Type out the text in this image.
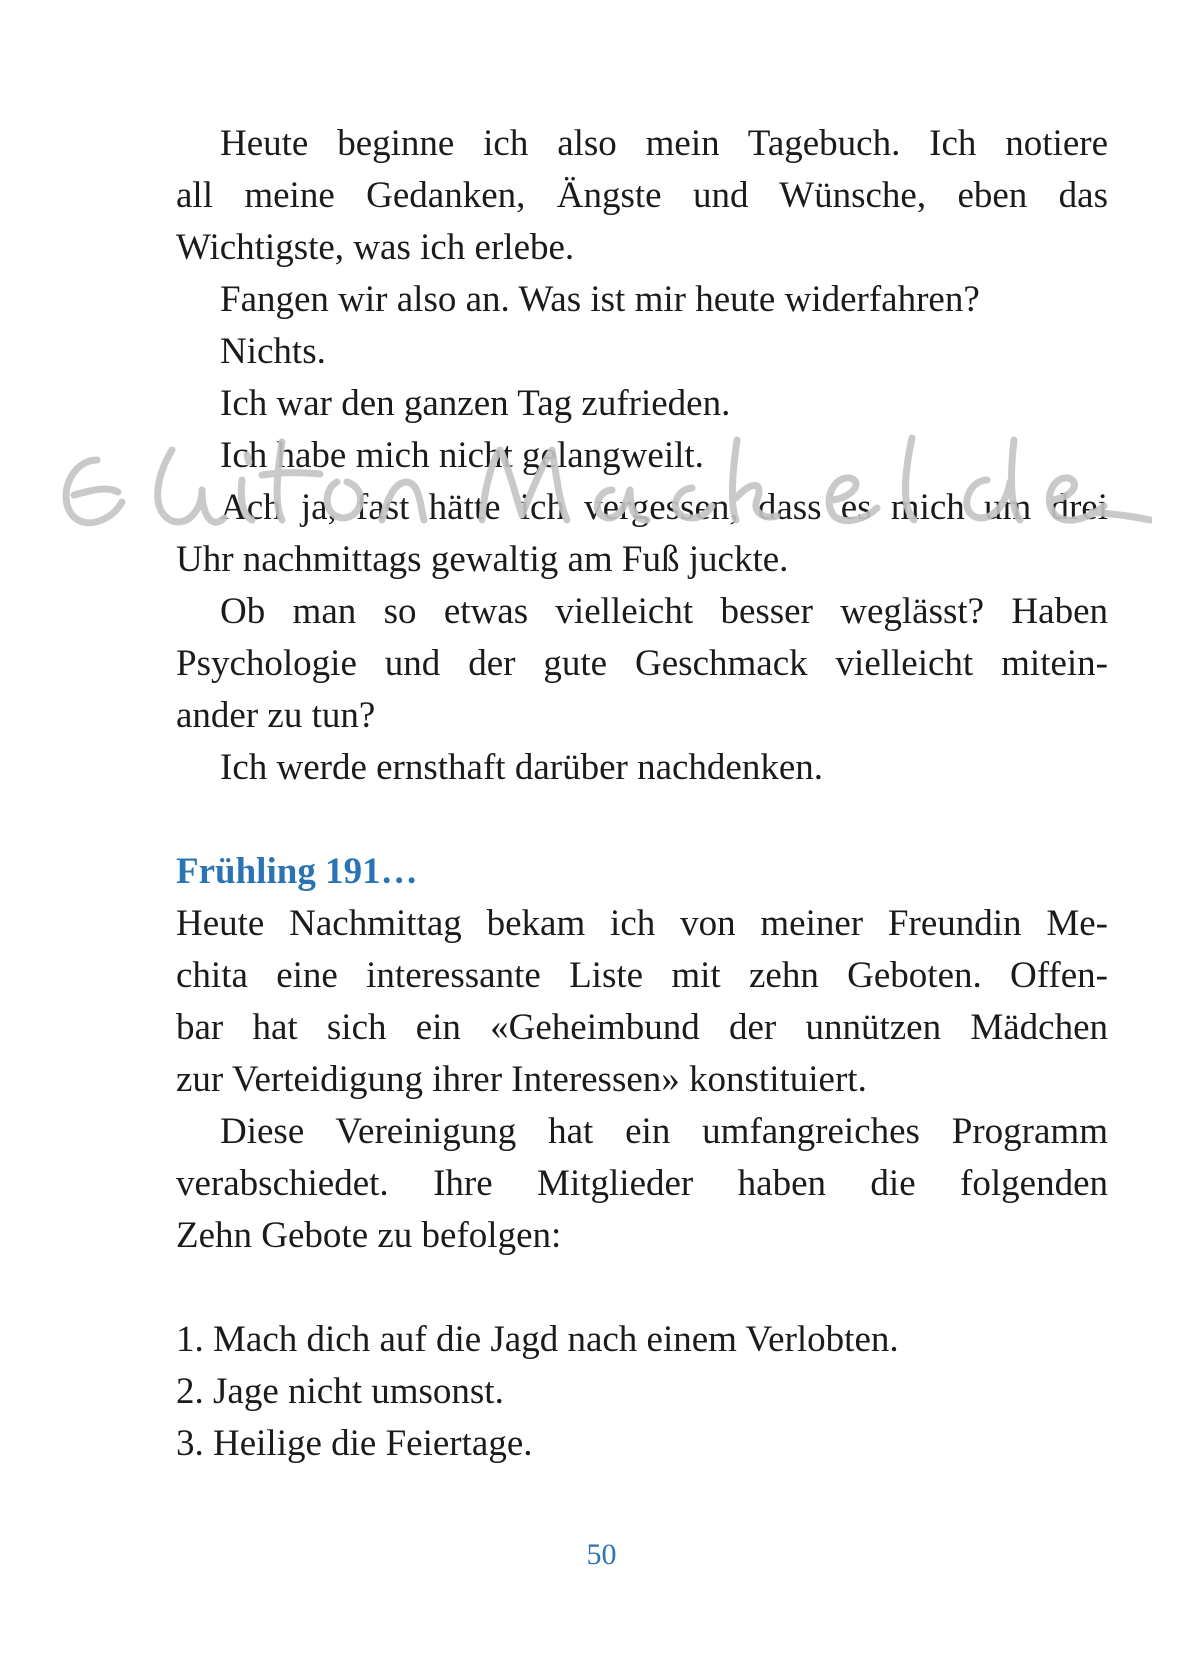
Heute beginne ich also mein Tagebuch. Ich notiere
all meine Gedanken, Ängste und Wünsche, eben das
Wichtigste, was ich erlebe.
Fangen wir also an. Was ist mir heute widerfahren?
Nichts.
Ich war den ganzen Tag zufrieden.
Ich habe mich nicht gelangweilt.
Ach ja, fast hätte ich vergessen, dass es mich um drei
Uhr nachmittags gewaltig am Fuß juckte.
Ob man so etwas vielleicht besser weglässt? Haben
Psychologie und der gute Geschmack vielleicht mitein-
ander zu tun?
Ich werde ernsthaft darüber nachdenken.
Frühling 191…
Heute Nachmittag bekam ich von meiner Freundin Me-
chita eine interessante Liste mit zehn Geboten. Offen-
bar hat sich ein «Geheimbund der unnützen Mädchen
zur Verteidigung ihrer Interessen» konstituiert.
Diese Vereinigung hat ein umfangreiches Programm
verabschiedet. Ihre Mitglieder haben die folgenden
Zehn Gebote zu befolgen:
1. Mach dich auf die Jagd nach einem Verlobten.
2. Jage nicht umsonst.
3. Heilige die Feiertage.
50
